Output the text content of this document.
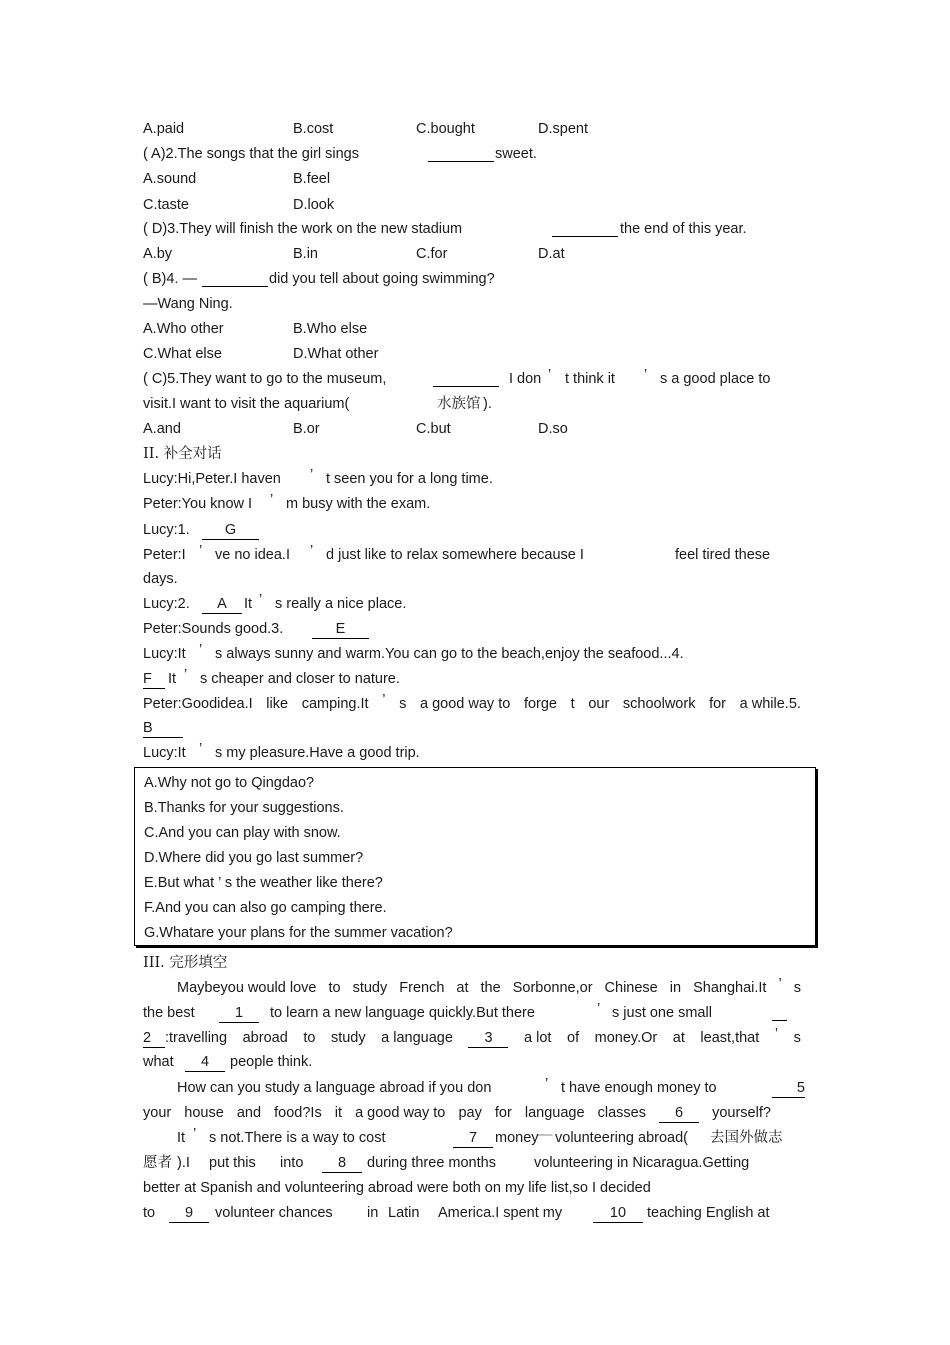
A.paid	B.cost	C.bought	D.spent
( A)2.The songs that the girl sings	sweet.
A.sound	B.feel
C.taste	D.look
( D)3.They will finish the work on the new stadium	the end of this year.
A.by	B.in	C.for	D.at
( B)4. —	did you tell about going swimming?
—Wang Ning.
A.Who other	B.Who else
C.What else	D.What other
( C)5.They want to go to the museum,	I don ’ t think it ’ s a good place to
visit.I want to visit the aquarium(	水族馆 ).
A.and	B.or	C.but	D.so
II. 补全对话
Lucy:Hi,Peter.I haven ’ t seen you for a long time.
Peter:You know I ’ m busy with the exam.
Lucy:1.	G
Peter:I ’ ve no idea.I ’ d just like to relax somewhere because I	feel tired these
days.
Lucy:2.	A	It ’ s really a nice place.
Peter:Sounds good.3.	E
Lucy:It ’ s always sunny and warm.You can go to the beach,enjoy the seafood...4.
F	It ’ s cheaper and closer to nature.
Peter:Goodidea.I like camping.It ’ s a good way to forge t our schoolwork for a while.5.
B
Lucy:It ’ s my pleasure.Have a good trip.
A.Why not go to Qingdao?
B.Thanks for your suggestions.
C.And you can play with snow.
D.Where did you go last summer?
E.But what ’ s the weather like there?
F.And you can also go camping there.
G.Whatare your plans for the summer vacation?
III. 完形填空
Maybeyou would love to study French at the Sorbonne,or Chinese in Shanghai.It ’ s
the best	1	to learn a new language quickly.But there	’ s just one small
2 :travelling abroad to study a language	3	a lot of money.Or at least,that ’ s
what	4	people think.
How can you study a language abroad if you don	’ t have enough money to	5
your house and food?Is it a good way to pay for language classes	6	yourself?
It ’ s not.There is a way to cost	7	money — volunteering abroad( 去国外做志
愿者 ).I put this into	8	during three months	volunteering in Nicaragua.Getting
better at Spanish and volunteering abroad were both on my life list,so I decided
to	9	volunteer chances in Latin America.I spent my	10	teaching English at
